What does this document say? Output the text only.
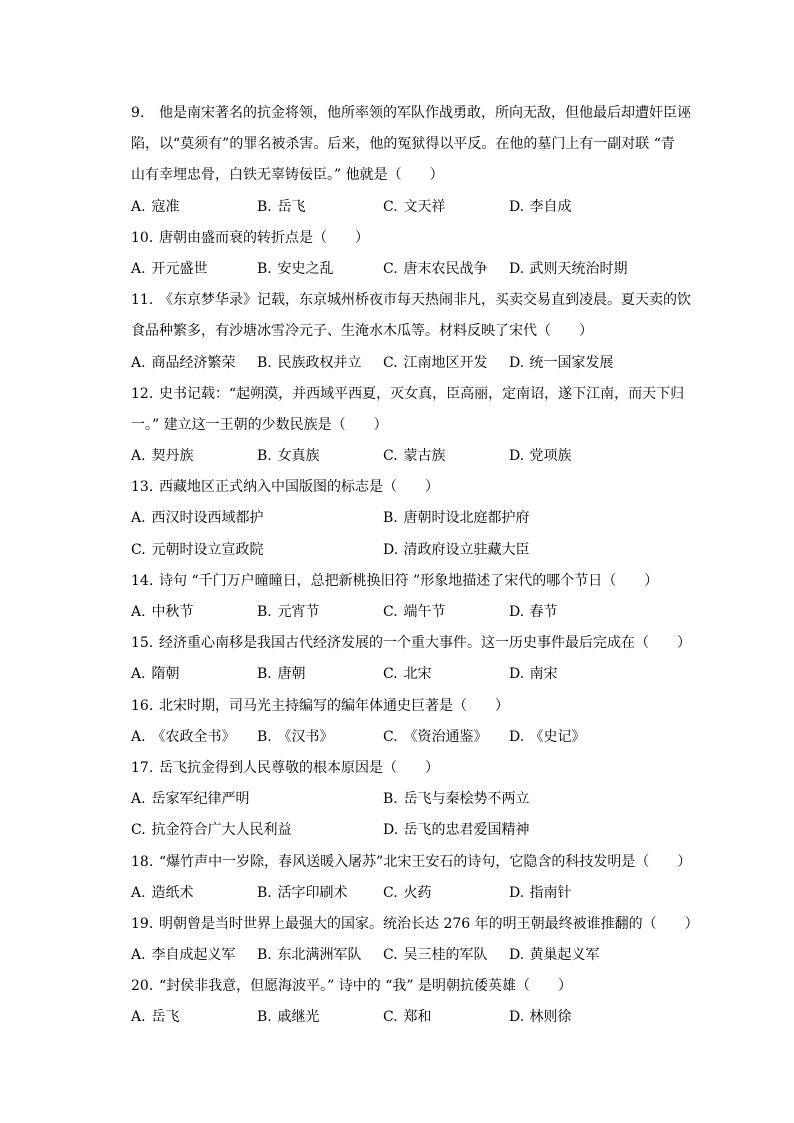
9. 他是南宋著名的抗金将领，他所率领的军队作战勇敢，所向无敌，但他最后却遭奸臣诬
陷，以“莫须有”的罪名被杀害。后来，他的冤狱得以平反。在他的墓门上有一副对联 “青
山有幸埋忠骨，白铁无辜铸佞臣。” 他就是（　　）
A. 寇准	B. 岳飞	C. 文天祥	D. 李自成
10. 唐朝由盛而衰的转折点是（　　）
A. 开元盛世	B. 安史之乱	C. 唐末农民战争	D. 武则天统治时期
11. 《东京梦华录》记载，东京城州桥夜市每天热闹非凡，买卖交易直到凌晨。夏天卖的饮
食品种繁多，有沙塘冰雪冷元子、生淹水木瓜等。材料反映了宋代（　　）
A. 商品经济繁荣	B. 民族政权并立	C. 江南地区开发	D. 统一国家发展
12. 史书记载：“起朔漠，并西域平西夏，灭女真，臣高丽，定南诏，遂下江南，而天下归
一。” 建立这一王朝的少数民族是（　　）
A. 契丹族	B. 女真族	C. 蒙古族	D. 党项族
13. 西藏地区正式纳入中国版图的标志是（　　）
A. 西汉时设西域都护	B. 唐朝时设北庭都护府
C. 元朝时设立宣政院	D. 清政府设立驻藏大臣
14. 诗句 “千门万户曈曈日，总把新桃换旧符 ”形象地描述了宋代的哪个节日（　　）
A. 中秋节	B. 元宵节	C. 端午节	D. 春节
15. 经济重心南移是我国古代经济发展的一个重大事件。这一历史事件最后完成在（　　）
A. 隋朝	B. 唐朝	C. 北宋	D. 南宋
16. 北宋时期，司马光主持编写的编年体通史巨著是（　　）
A. 《农政全书》	B. 《汉书》	C. 《资治通鉴》	D. 《史记》
17. 岳飞抗金得到人民尊敬的根本原因是（　　）
A. 岳家军纪律严明	B. 岳飞与秦桧势不两立
C. 抗金符合广大人民利益	D. 岳飞的忠君爱国精神
18. “爆竹声中一岁除，春风送暖入屠苏”北宋王安石的诗句，它隐含的科技发明是（　　）
A. 造纸术	B. 活字印刷术	C. 火药	D. 指南针
19. 明朝曾是当时世界上最强大的国家。统治长达 276 年的明王朝最终被谁推翻的（　　）
A. 李自成起义军	B. 东北满洲军队	C. 吴三桂的军队	D. 黄巢起义军
20. “封侯非我意，但愿海波平。” 诗中的 “我” 是明朝抗倭英雄（　　）
A. 岳飞	B. 戚继光	C. 郑和	D. 林则徐
